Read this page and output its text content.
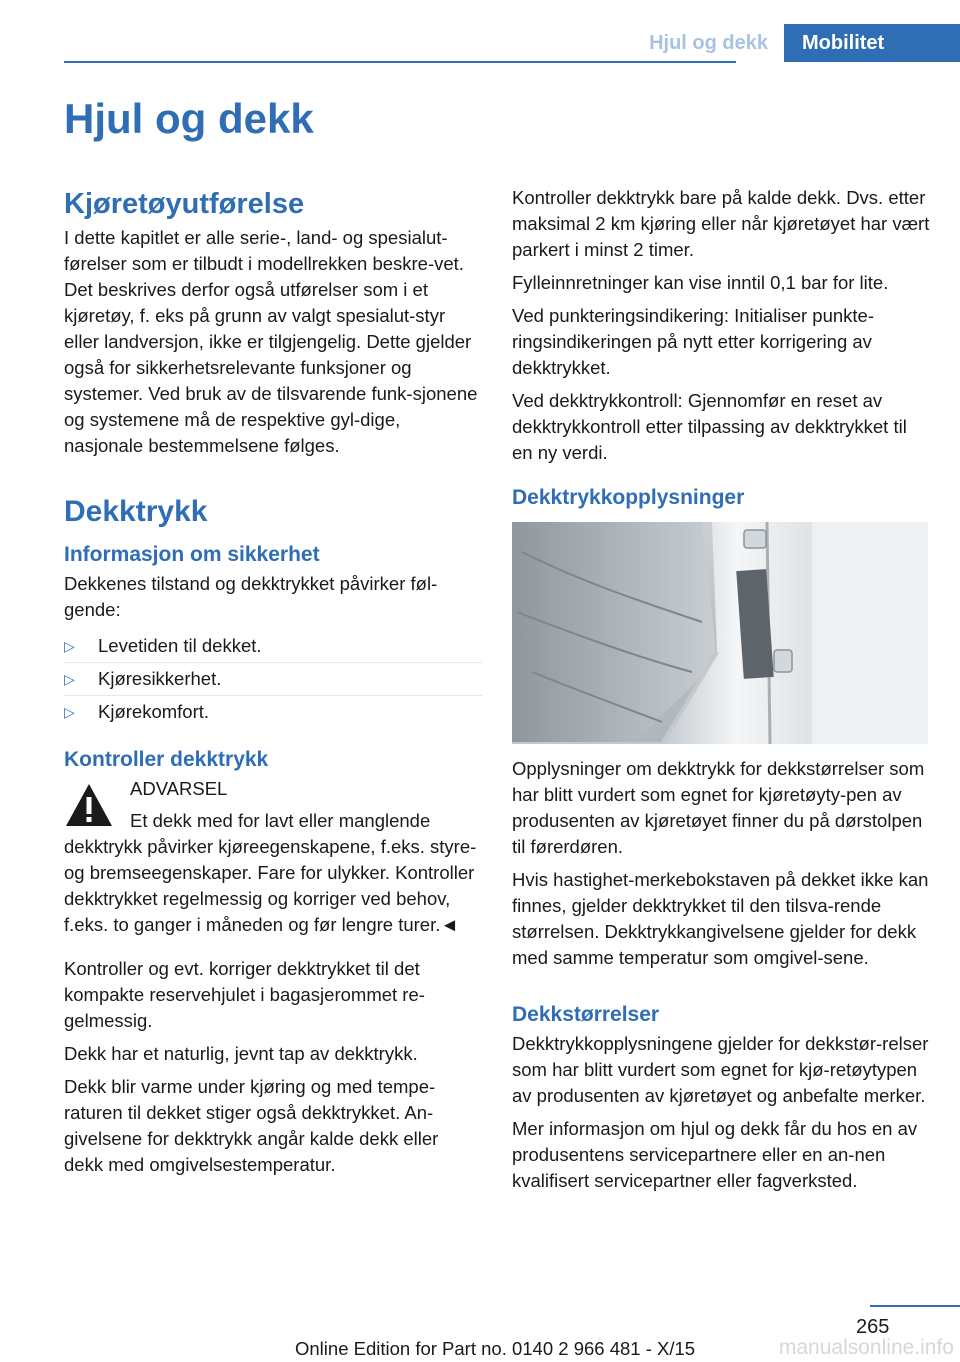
Hjul og dekk	Mobilitet
Hjul og dekk
Kjøretøyutførelse

I dette kapitlet er alle serie-, land- og spesialut-førelser som er tilbudt i modellrekken beskre-vet. Det beskrives derfor også utførelser som i et kjøretøy, f. eks på grunn av valgt spesialut-styr eller landversjon, ikke er tilgjengelig. Dette gjelder også for sikkerhetsrelevante funksjoner og systemer. Ved bruk av de tilsvarende funk-sjonene og systemene må de respektive gyl-dige, nasjonale bestemmelsene følges.

Dekktrykk
Informasjon om sikkerhet

Dekkenes tilstand og dekktrykket påvirker føl-gende:

▷	Levetiden til dekket.
▷	Kjøresikkerhet.
▷	Kjørekomfort.
Kontroller dekktrykk

ADVARSEL

Et dekk med for lavt eller manglende dekktrykk påvirker kjøreegenskapene, f.eks. styre- og bremseegenskaper. Fare for ulykker. Kontroller dekktrykket regelmessig og korriger ved behov, f.eks. to ganger i måneden og før lengre turer.◄

Kontroller og evt. korriger dekktrykket til det kompakte reservehjulet i bagasjerommet re-gelmessig.

Dekk har et naturlig, jevnt tap av dekktrykk.

Dekk blir varme under kjøring og med tempe-raturen til dekket stiger også dekktrykket. An-givelsene for dekktrykk angår kalde dekk eller dekk med omgivelsestemperatur.

Kontroller dekktrykk bare på kalde dekk. Dvs. etter maksimal 2 km kjøring eller når kjøretøyet har vært parkert i minst 2 timer.

Fylleinnretninger kan vise inntil 0,1 bar for lite.

Ved punkteringsindikering: Initialiser punkte-ringsindikeringen på nytt etter korrigering av dekktrykket.

Ved dekktrykkontroll: Gjennomfør en reset av dekktrykkontroll etter tilpassing av dekktrykket til en ny verdi.

Dekktrykkopplysninger

Opplysninger om dekktrykk for dekkstørrelser som har blitt vurdert som egnet for kjøretøyty-pen av produsenten av kjøretøyet finner du på dørstolpen til førerdøren.

Hvis hastighet-merkebokstaven på dekket ikke kan finnes, gjelder dekktrykket til den tilsva-rende størrelsen. Dekktrykkangivelsene gjelder for dekk med samme temperatur som omgivel-sene.

Dekkstørrelser

Dekktrykkopplysningene gjelder for dekkstør-relser som har blitt vurdert som egnet for kjø-retøytypen av produsenten av kjøretøyet og anbefalte merker.

Mer informasjon om hjul og dekk får du hos en av produsentens servicepartnere eller en an-nen kvalifisert servicepartner eller fagverksted.

265
Online Edition for Part no. 0140 2 966 481 - X/15	manualsonline.info
